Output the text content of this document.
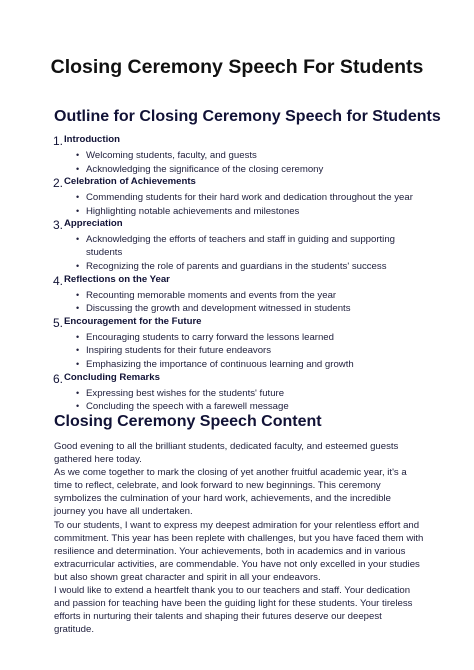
Closing Ceremony Speech For Students
Outline for Closing Ceremony Speech for Students
1. Introduction
• Welcoming students, faculty, and guests
• Acknowledging the significance of the closing ceremony
2. Celebration of Achievements
• Commending students for their hard work and dedication throughout the year
• Highlighting notable achievements and milestones
3. Appreciation
• Acknowledging the efforts of teachers and staff in guiding and supporting students
• Recognizing the role of parents and guardians in the students' success
4. Reflections on the Year
• Recounting memorable moments and events from the year
• Discussing the growth and development witnessed in students
5. Encouragement for the Future
• Encouraging students to carry forward the lessons learned
• Inspiring students for their future endeavors
• Emphasizing the importance of continuous learning and growth
6. Concluding Remarks
• Expressing best wishes for the students' future
• Concluding the speech with a farewell message
Closing Ceremony Speech Content

Good evening to all the brilliant students, dedicated faculty, and esteemed guests gathered here today.

As we come together to mark the closing of yet another fruitful academic year, it's a time to reflect, celebrate, and look forward to new beginnings. This ceremony symbolizes the culmination of your hard work, achievements, and the incredible journey you have all undertaken.

To our students, I want to express my deepest admiration for your relentless effort and commitment. This year has been replete with challenges, but you have faced them with resilience and determination. Your achievements, both in academics and in various extracurricular activities, are commendable. You have not only excelled in your studies but also shown great character and spirit in all your endeavors.

I would like to extend a heartfelt thank you to our teachers and staff. Your dedication and passion for teaching have been the guiding light for these students. Your tireless efforts in nurturing their talents and shaping their futures deserve our deepest gratitude.
